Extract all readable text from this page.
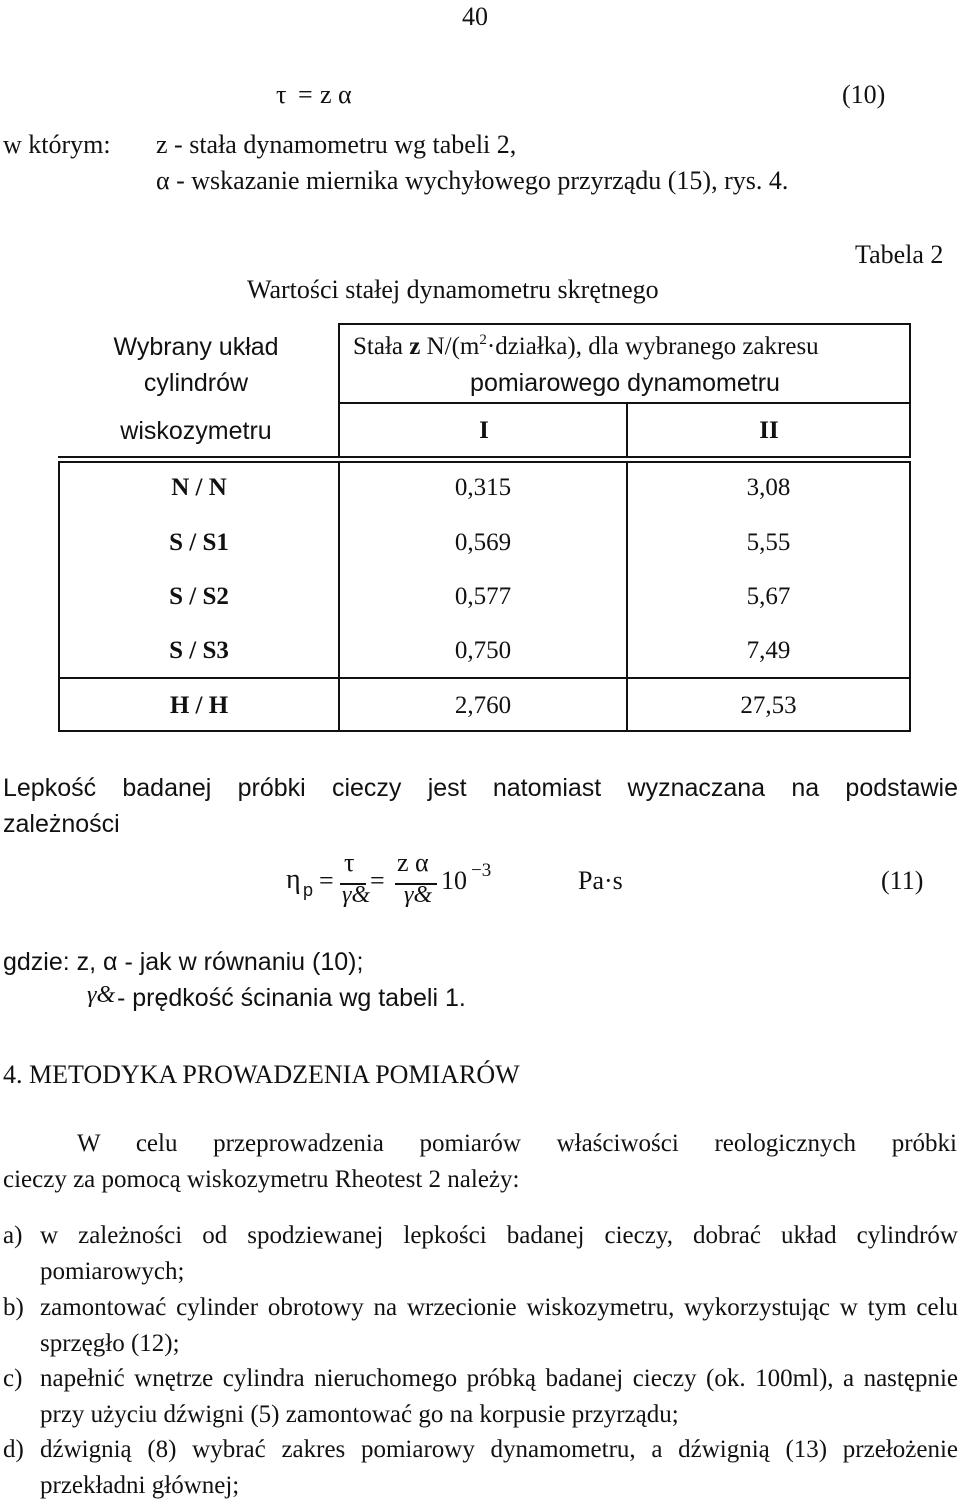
40
τ = z α	(10)
w którym: z - stała dynamometru wg tabeli 2,
α - wskazanie miernika wychyłowego przyrządu (15), rys. 4.
Tabela 2
Wartości stałej dynamometru skrętnego
Wybrany układ
cylindrów
wiskozymetru
Stała z $N/(m^2\cdot działka)$, dla wybranego zakresu
pomiarowego dynamometru
I	II
N / N	0,315	3,08
S / S1	0,569	5,55
S / S2	0,577	5,67
S / S3	0,750	7,49
H / H	2,760	27,53
Lepkość badanej próbki cieczy jest natomiast wyznaczana na podstawie
zależności
η p =
τ
γ& =
z α
γ& 10 −3	Pa·s	(11)
gdzie: z, α - jak w równaniu (10);
γ& - prędkość ścinania wg tabeli 1.
4. METODYKA PROWADZENIA POMIARÓW
W celu przeprowadzenia pomiarów właściwości reologicznych próbki
cieczy za pomocą wiskozymetru Rheotest 2 należy:
a) w zależności od spodziewanej lepkości badanej cieczy, dobrać układ cylindrów pomiarowych;
b) zamontować cylinder obrotowy na wrzecionie wiskozymetru, wykorzystując w tym celu sprzęgło (12);
c) napełnić wnętrze cylindra nieruchomego próbką badanej cieczy (ok. 100ml), a następnie przy użyciu dźwigni (5) zamontować go na korpusie przyrządu;
d) dźwignią (8) wybrać zakres pomiarowy dynamometru, a dźwignią (13) przełożenie przekładni głównej;
